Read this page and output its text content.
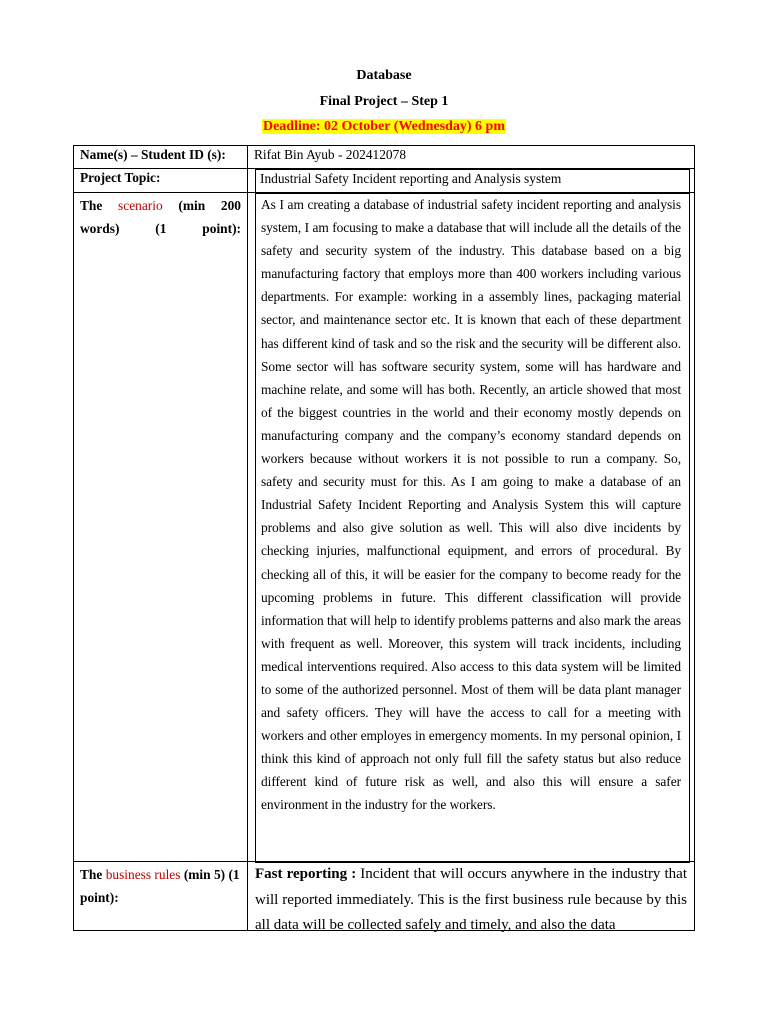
Database
Final Project – Step 1
Deadline: 02 October (Wednesday) 6 pm
Name(s) – Student ID (s): Rifat Bin Ayub - 202412078
Project Topic:	Industrial Safety Incident reporting and Analysis system
The scenario (min 200 words) (1 point):
As I am creating a database of industrial safety incident reporting and analysis system, I am focusing to make a database that will include all the details of the safety and security system of the industry. This database based on a big manufacturing factory that employs more than 400 workers including various departments. For example: working in a assembly lines, packaging material sector, and maintenance sector etc. It is known that each of these department has different kind of task and so the risk and the security will be different also. Some sector will has software security system, some will has hardware and machine relate, and some will has both. Recently, an article showed that most of the biggest countries in the world and their economy mostly depends on manufacturing company and the company’s economy standard depends on workers because without workers it is not possible to run a company. So, safety and security must for this. As I am going to make a database of an Industrial Safety Incident Reporting and Analysis System this will capture problems and also give solution as well. This will also dive incidents by checking injuries, malfunctional equipment, and errors of procedural. By checking all of this, it will be easier for the company to become ready for the upcoming problems in future. This different classification will provide information that will help to identify problems patterns and also mark the areas with frequent as well. Moreover, this system will track incidents, including medical interventions required. Also access to this data system will be limited to some of the authorized personnel. Most of them will be data plant manager and safety officers. They will have the access to call for a meeting with workers and other employes in emergency moments. In my personal opinion, I think this kind of approach not only full fill the safety status but also reduce different kind of future risk as well, and also this will ensure a safer environment in the industry for the workers.
The business rules (min 5) (1 point):
Fast reporting : Incident that will occurs anywhere in the industry that will reported immediately. This is the first business rule because by this all data will be collected safely and timely, and also the data
